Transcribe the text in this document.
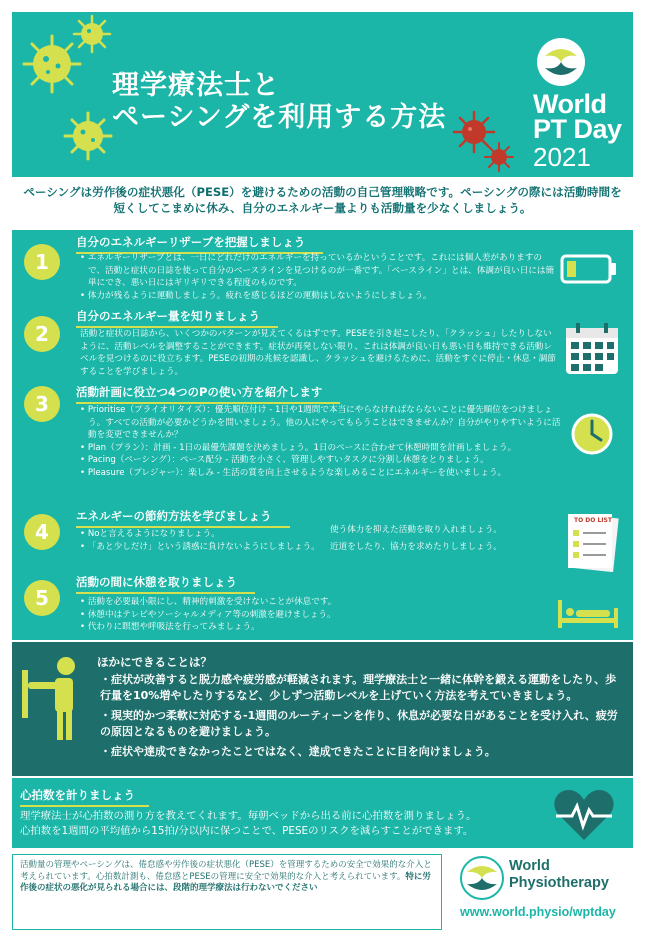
理学療法士と
ペーシングを利用する方法	World
PT Day
2021
ペーシングは労作後の症状悪化（PESE）を避けるための活動の自己管理戦略です。ペーシングの際には活動時間を短くしてこまめに休み、自分のエネルギー量よりも活動量を少なくしましょう。
1
自分のエネルギーリザーブを把握しましょう
• エネルギーリザーブとは、一日にどれだけのエネルギーを持っているかということです。これには個人差がありますので、活動と症状の日誌を使って自分のベースラインを見つけるのが一番です。「ベースライン」とは、体調が良い日には簡単にでき、悪い日にはギリギリできる程度のものです。
• 体力が残るように運動しましょう。疲れを感じるほどの運動はしないようにしましょう。
2
自分のエネルギー量を知りましょう

活動と症状の日誌から、いくつかのパターンが見えてくるはずです。PESEを引き起こしたり、「クラッシュ」したりしないように、活動レベルを調整することができます。症状が再発しない限り、これは体調が良い日も悪い日も維持できる活動レベルを見つけるのに役立ちます。PESEの初期の兆候を認識し、クラッシュを避けるために、活動をすぐに停止・休息・調節することを学びましょう。

3	活動計画に役立つ4つのPの使い方を紹介します
• Prioritise（プライオリタイズ）：優先順位付け - 1日や1週間で本当にやらなければならないことに優先順位をつけましょう。すべての活動が必要かどうかを問いましょう。他の人にやってもらうことはできませんか？自分がやりやすいように活動を変更できませんか？
• Plan（プラン）：計画 - 1日の最優先課題を決めましょう。1日のペースに合わせて休憩時間を計画しましょう。
• Pacing（ペーシング）：ペース配分 - 活動を小さく、管理しやすいタスクに分割し休憩をとりましょう。
• Pleasure（プレジャー）：楽しみ - 生活の質を向上させるような楽しめることにエネルギーを使いましょう。
4
エネルギーの節約方法を学びましょう
• Noと言えるようになりましょう。
• 「あと少しだけ」という誘惑に負けないようにしましょう。
使う体力を抑えた活動を取り入れましょう。
近道をしたり、協力を求めたりしましょう。
TO DO LIST
5
活動の間に休憩を取りましょう
• 活動を必要最小限にし、精神的刺激を受けないことが休息です。
• 休憩中はテレビやソーシャルメディア等の刺激を避けましょう。
• 代わりに瞑想や呼吸法を行ってみましょう。
ほかにできることは？
・ 症状が改善すると脱力感や疲労感が軽減されます。理学療法士と一緒に体幹を鍛える運動をしたり、歩行量を10%増やしたりするなど、少しずつ活動レベルを上げていく方法を考えていきましょう。
・ 現実的かつ柔軟に対応する-1週間のルーティーンを作り、休息が必要な日があることを受け入れ、疲労の原因となるものを避けましょう。
・ 症状や達成できなかったことではなく、達成できたことに目を向けましょう。
心拍数を計りましょう
理学療法士が心拍数の測り方を教えてくれます。毎朝ベッドから出る前に心拍数を測りましょう。
心拍数を1週間の平均値から15拍/分以内に保つことで、PESEのリスクを減らすことができます。
活動量の管理やペーシングは、倦怠感や労作後の症状悪化（PESE）を管理するための安全で効果的な介入と考えられています。心拍数計測も、倦怠感とPESEの管理に安全で効果的な介入と考えられています。特に労作後の症状の悪化が見られる場合には、段階的理学療法は行わないでください
World
Physiotherapy
www.world.physio/wptday
